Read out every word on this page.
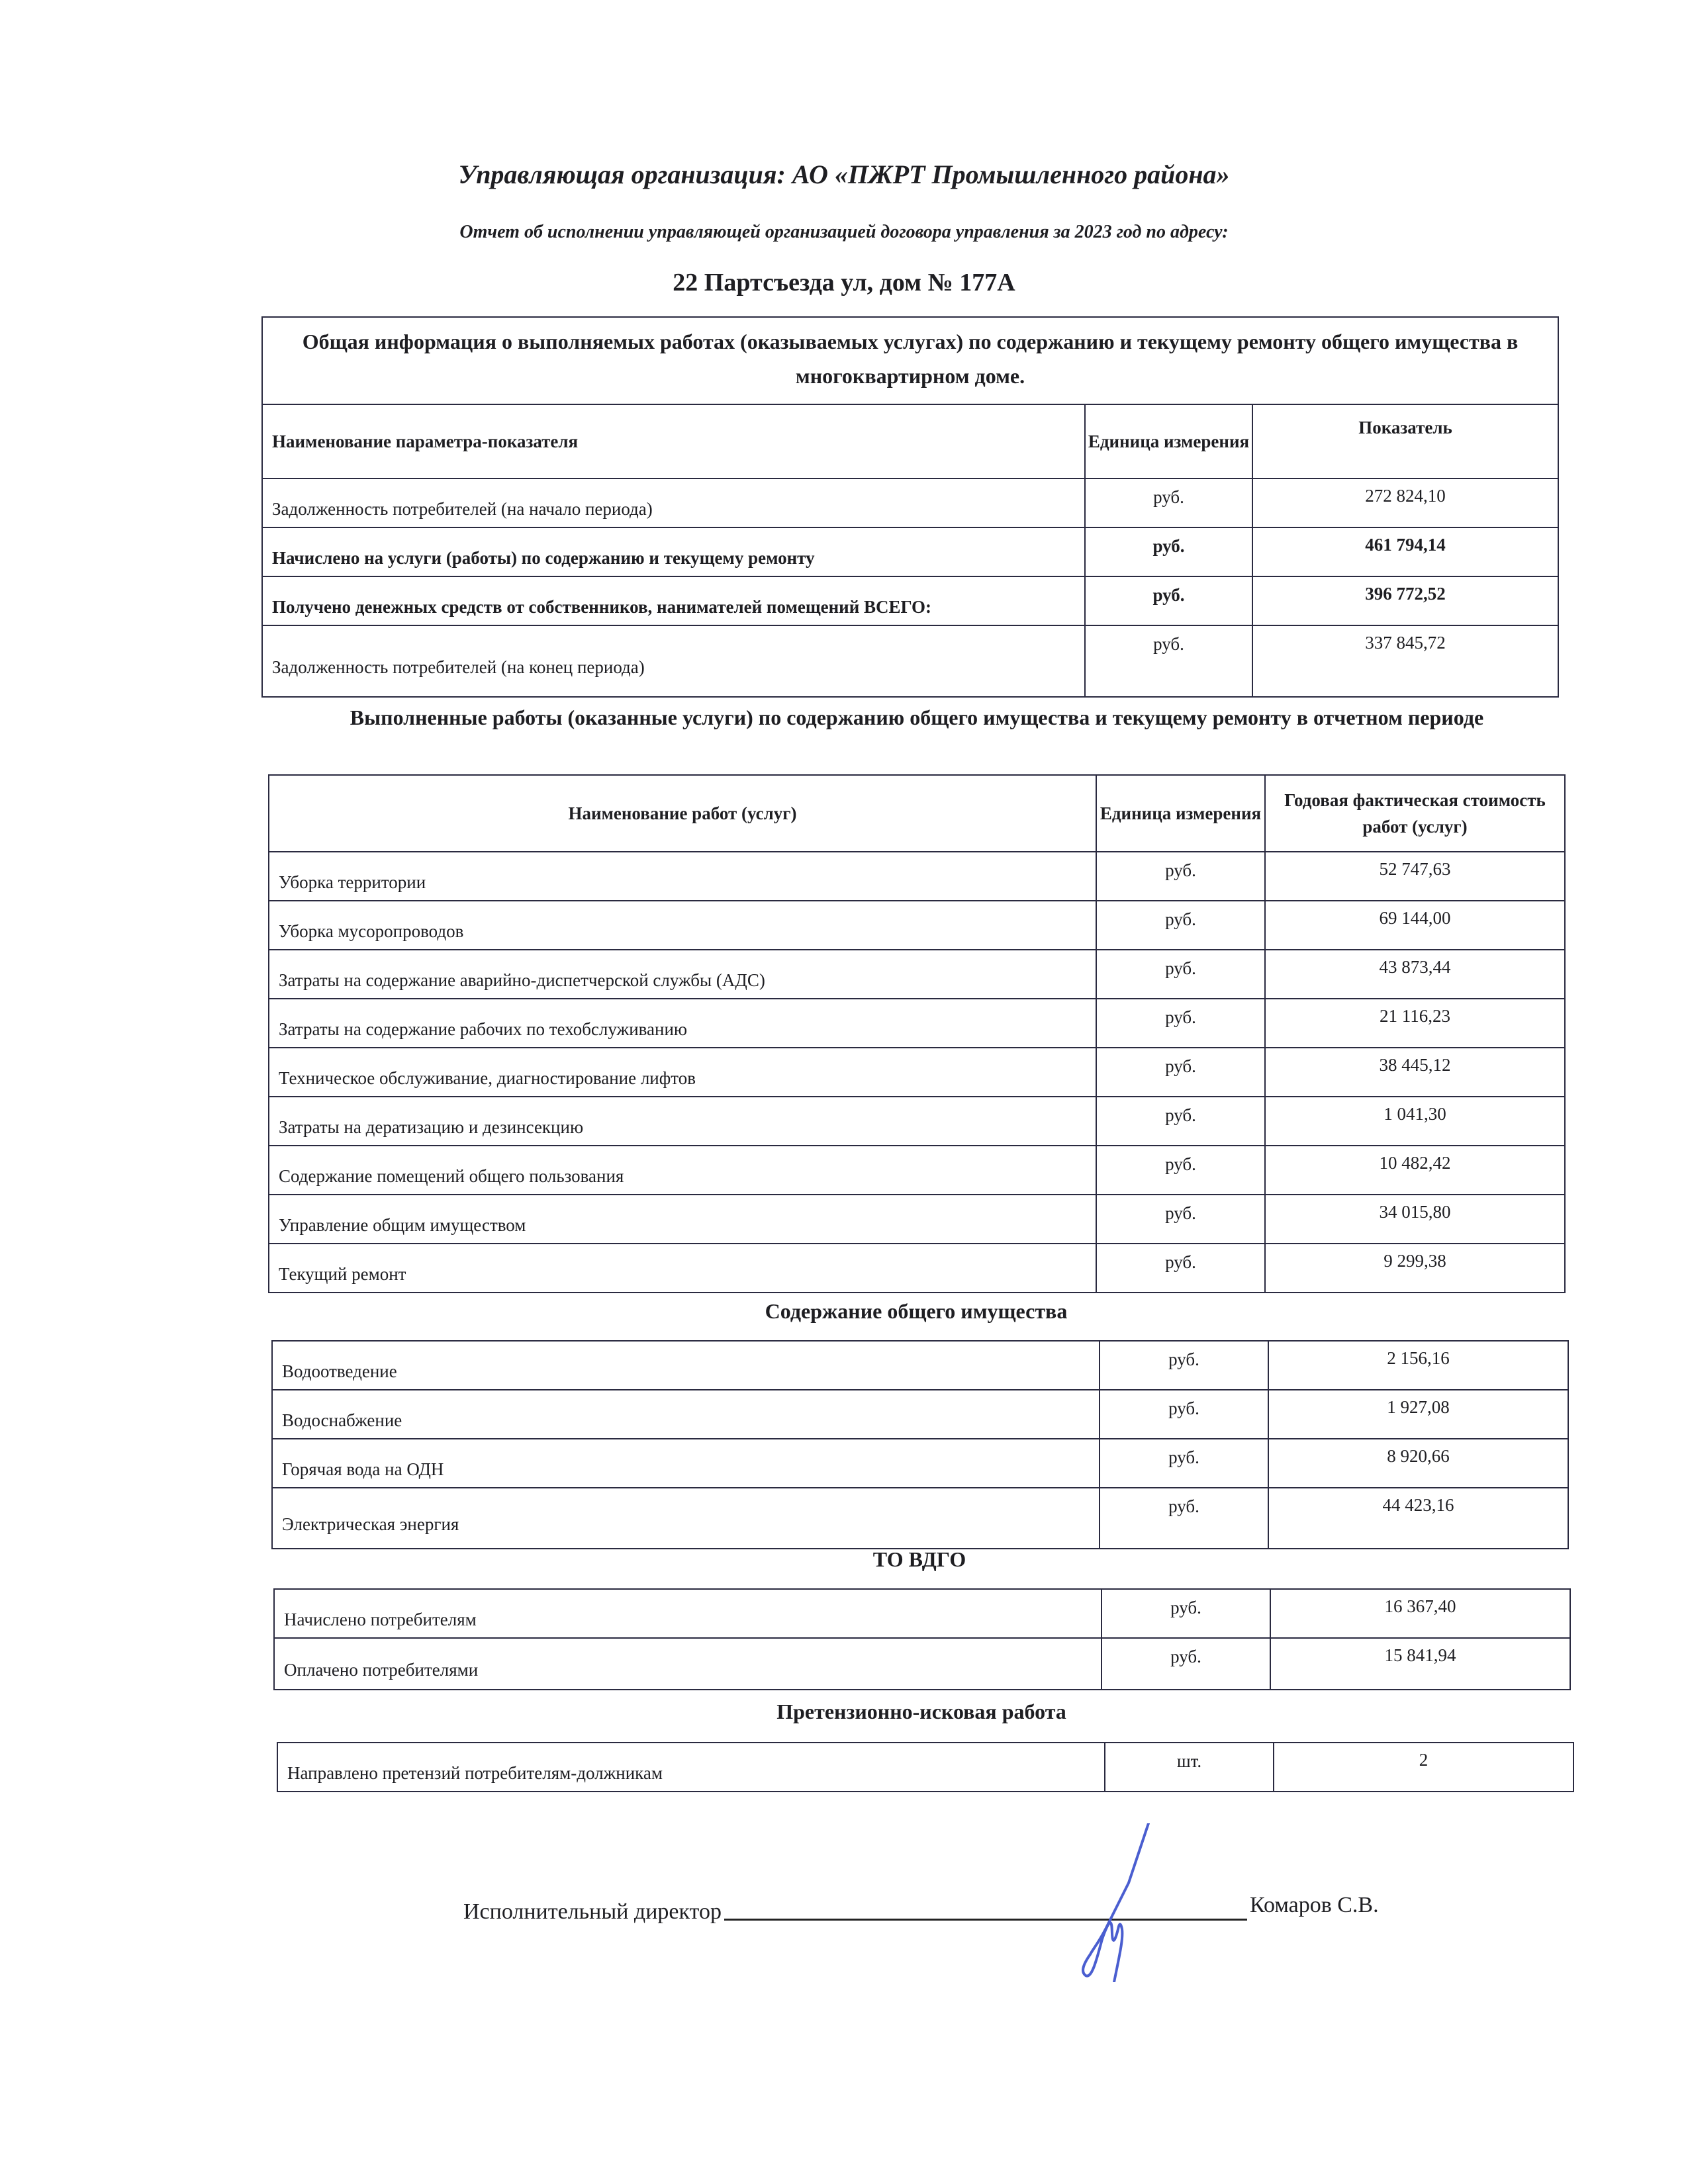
Управляющая организация: АО «ПЖРТ Промышленного района»
Отчет об исполнении управляющей организацией договора управления за 2023 год по адресу:
22 Партсъезда ул, дом № 177А
Общая информация о выполняемых работах (оказываемых услугах) по содержанию и текущему ремонту общего имущества в многоквартирном доме.		
Наименование параметра-показателя	Единица измерения	Показатель
Задолженность потребителей (на начало периода)	руб.	272 824,10
Начислено на услуги (работы) по содержанию и текущему ремонту	руб.	461 794,14
Получено денежных средств от собственников, нанимателей помещений ВСЕГО:	руб.	396 772,52
Задолженность потребителей (на конец периода)	руб.	337 845,72
Выполненные работы (оказанные услуги) по содержанию общего имущества и текущему ремонту в отчетном периоде
Наименование работ (услуг)	Единица измерения	Годовая фактическая стоимость работ (услуг)
Уборка территории	руб.	52 747,63
Уборка мусоропроводов	руб.	69 144,00
Затраты на содержание аварийно-диспетчерской службы (АДС)	руб.	43 873,44
Затраты на содержание рабочих по техобслуживанию	руб.	21 116,23
Техническое обслуживание, диагностирование лифтов	руб.	38 445,12
Затраты на дератизацию и дезинсекцию	руб.	1 041,30
Содержание помещений общего пользования	руб.	10 482,42
Управление общим имуществом	руб.	34 015,80
Текущий ремонт	руб.	9 299,38
Содержание общего имущества
Водоотведение	руб.	2 156,16
Водоснабжение	руб.	1 927,08
Горячая вода на ОДН	руб.	8 920,66
Электрическая энергия	руб.	44 423,16
ТО ВДГО
Начислено потребителям	руб.	16 367,40
Оплачено потребителями	руб.	15 841,94
Претензионно-исковая работа
Направлено претензий потребителям-должникам	шт.	2
Исполнительный директор	Комаров С.В.
